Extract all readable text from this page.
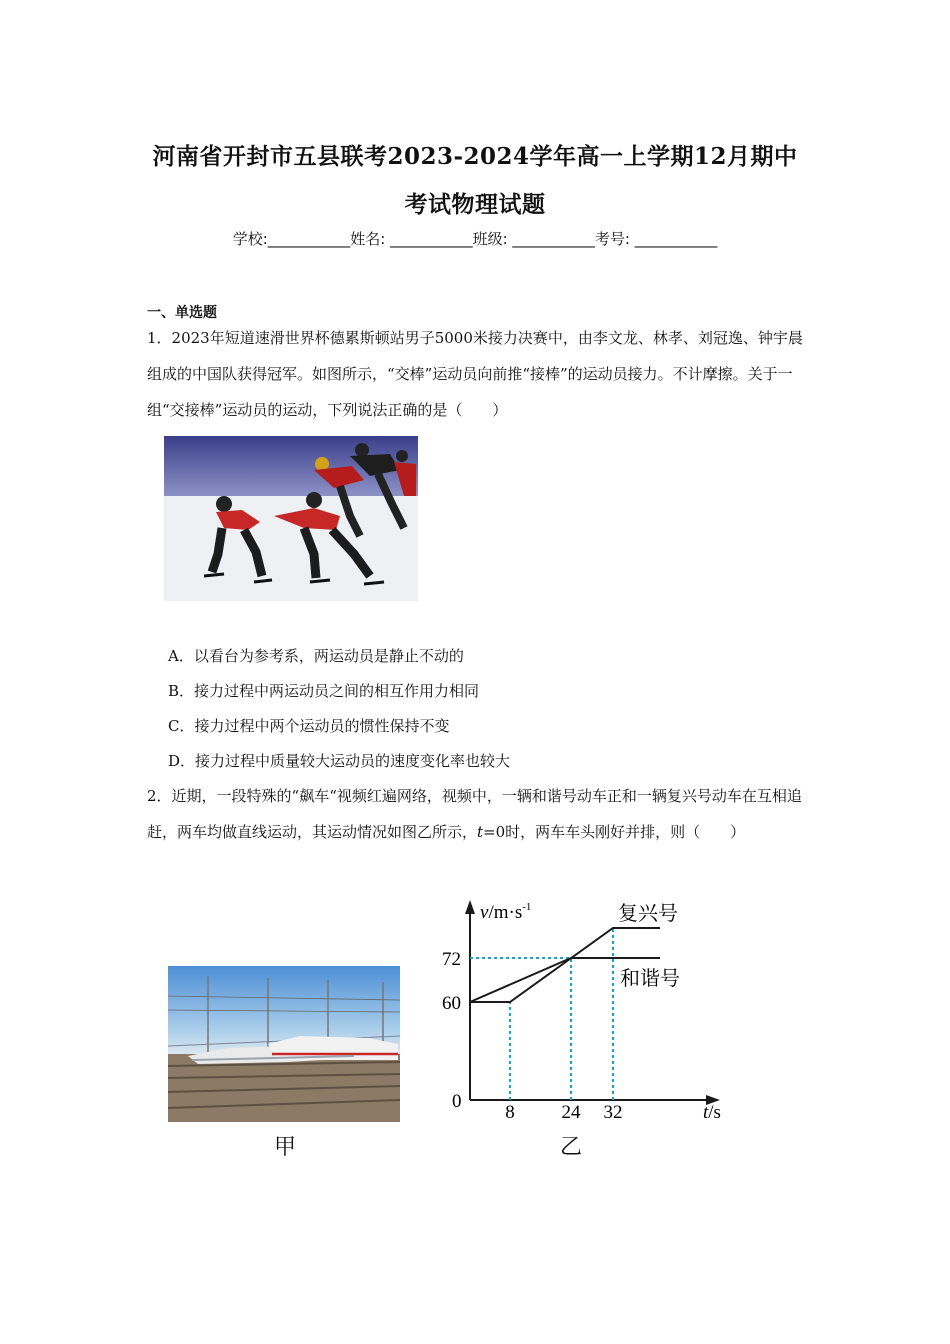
河南省开封市五县联考2023-2024学年高一上学期12月期中
考试物理试题
学校:___________姓名: ___________班级: ___________考号: ___________
一、单选题
1．2023年短道速滑世界杯德累斯顿站男子5000米接力决赛中，由李文龙、林孝、刘冠逸、钟宇晨组成的中国队获得冠军。如图所示，“交棒”运动员向前推“接棒”的运动员接力。不计摩擦。关于一组“交接棒”运动员的运动，下列说法正确的是（　　）
A．以看台为参考系，两运动员是静止不动的
B．接力过程中两运动员之间的相互作用力相同
C．接力过程中两个运动员的惯性保持不变
D．接力过程中质量较大运动员的速度变化率也较大
2．近期，一段特殊的“飙车“视频红遍网络，视频中，一辆和谐号动车正和一辆复兴号动车在互相追赶，两车均做直线运动，其运动情况如图乙所示，t=0时，两车车头刚好并排，则（　　）
甲
$v/m\cdot s^{-1}$
t/s
0
复兴号
和谐号
60
72
8 24 32
乙
